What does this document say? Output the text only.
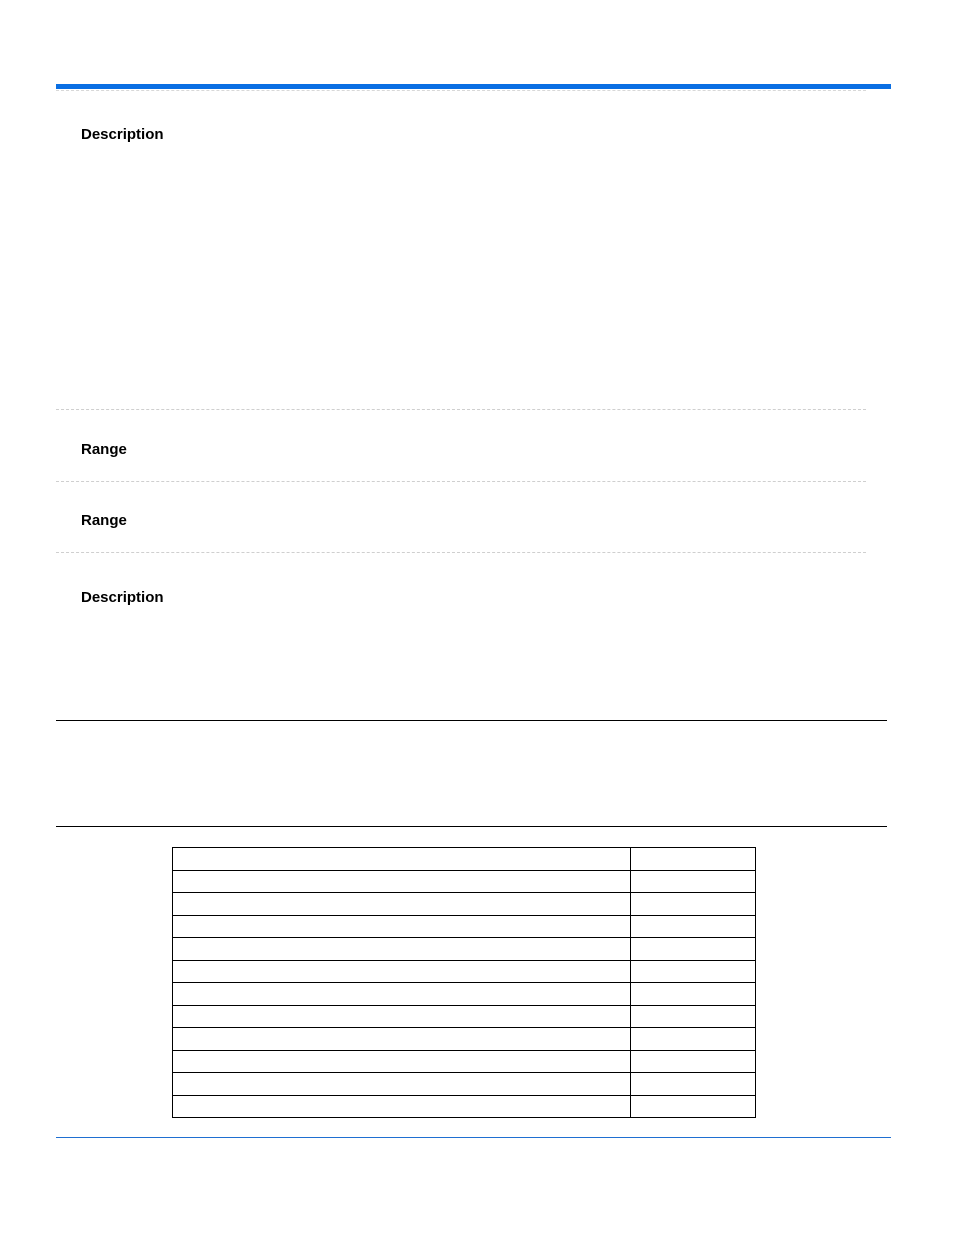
Description
Range
Range
Description
